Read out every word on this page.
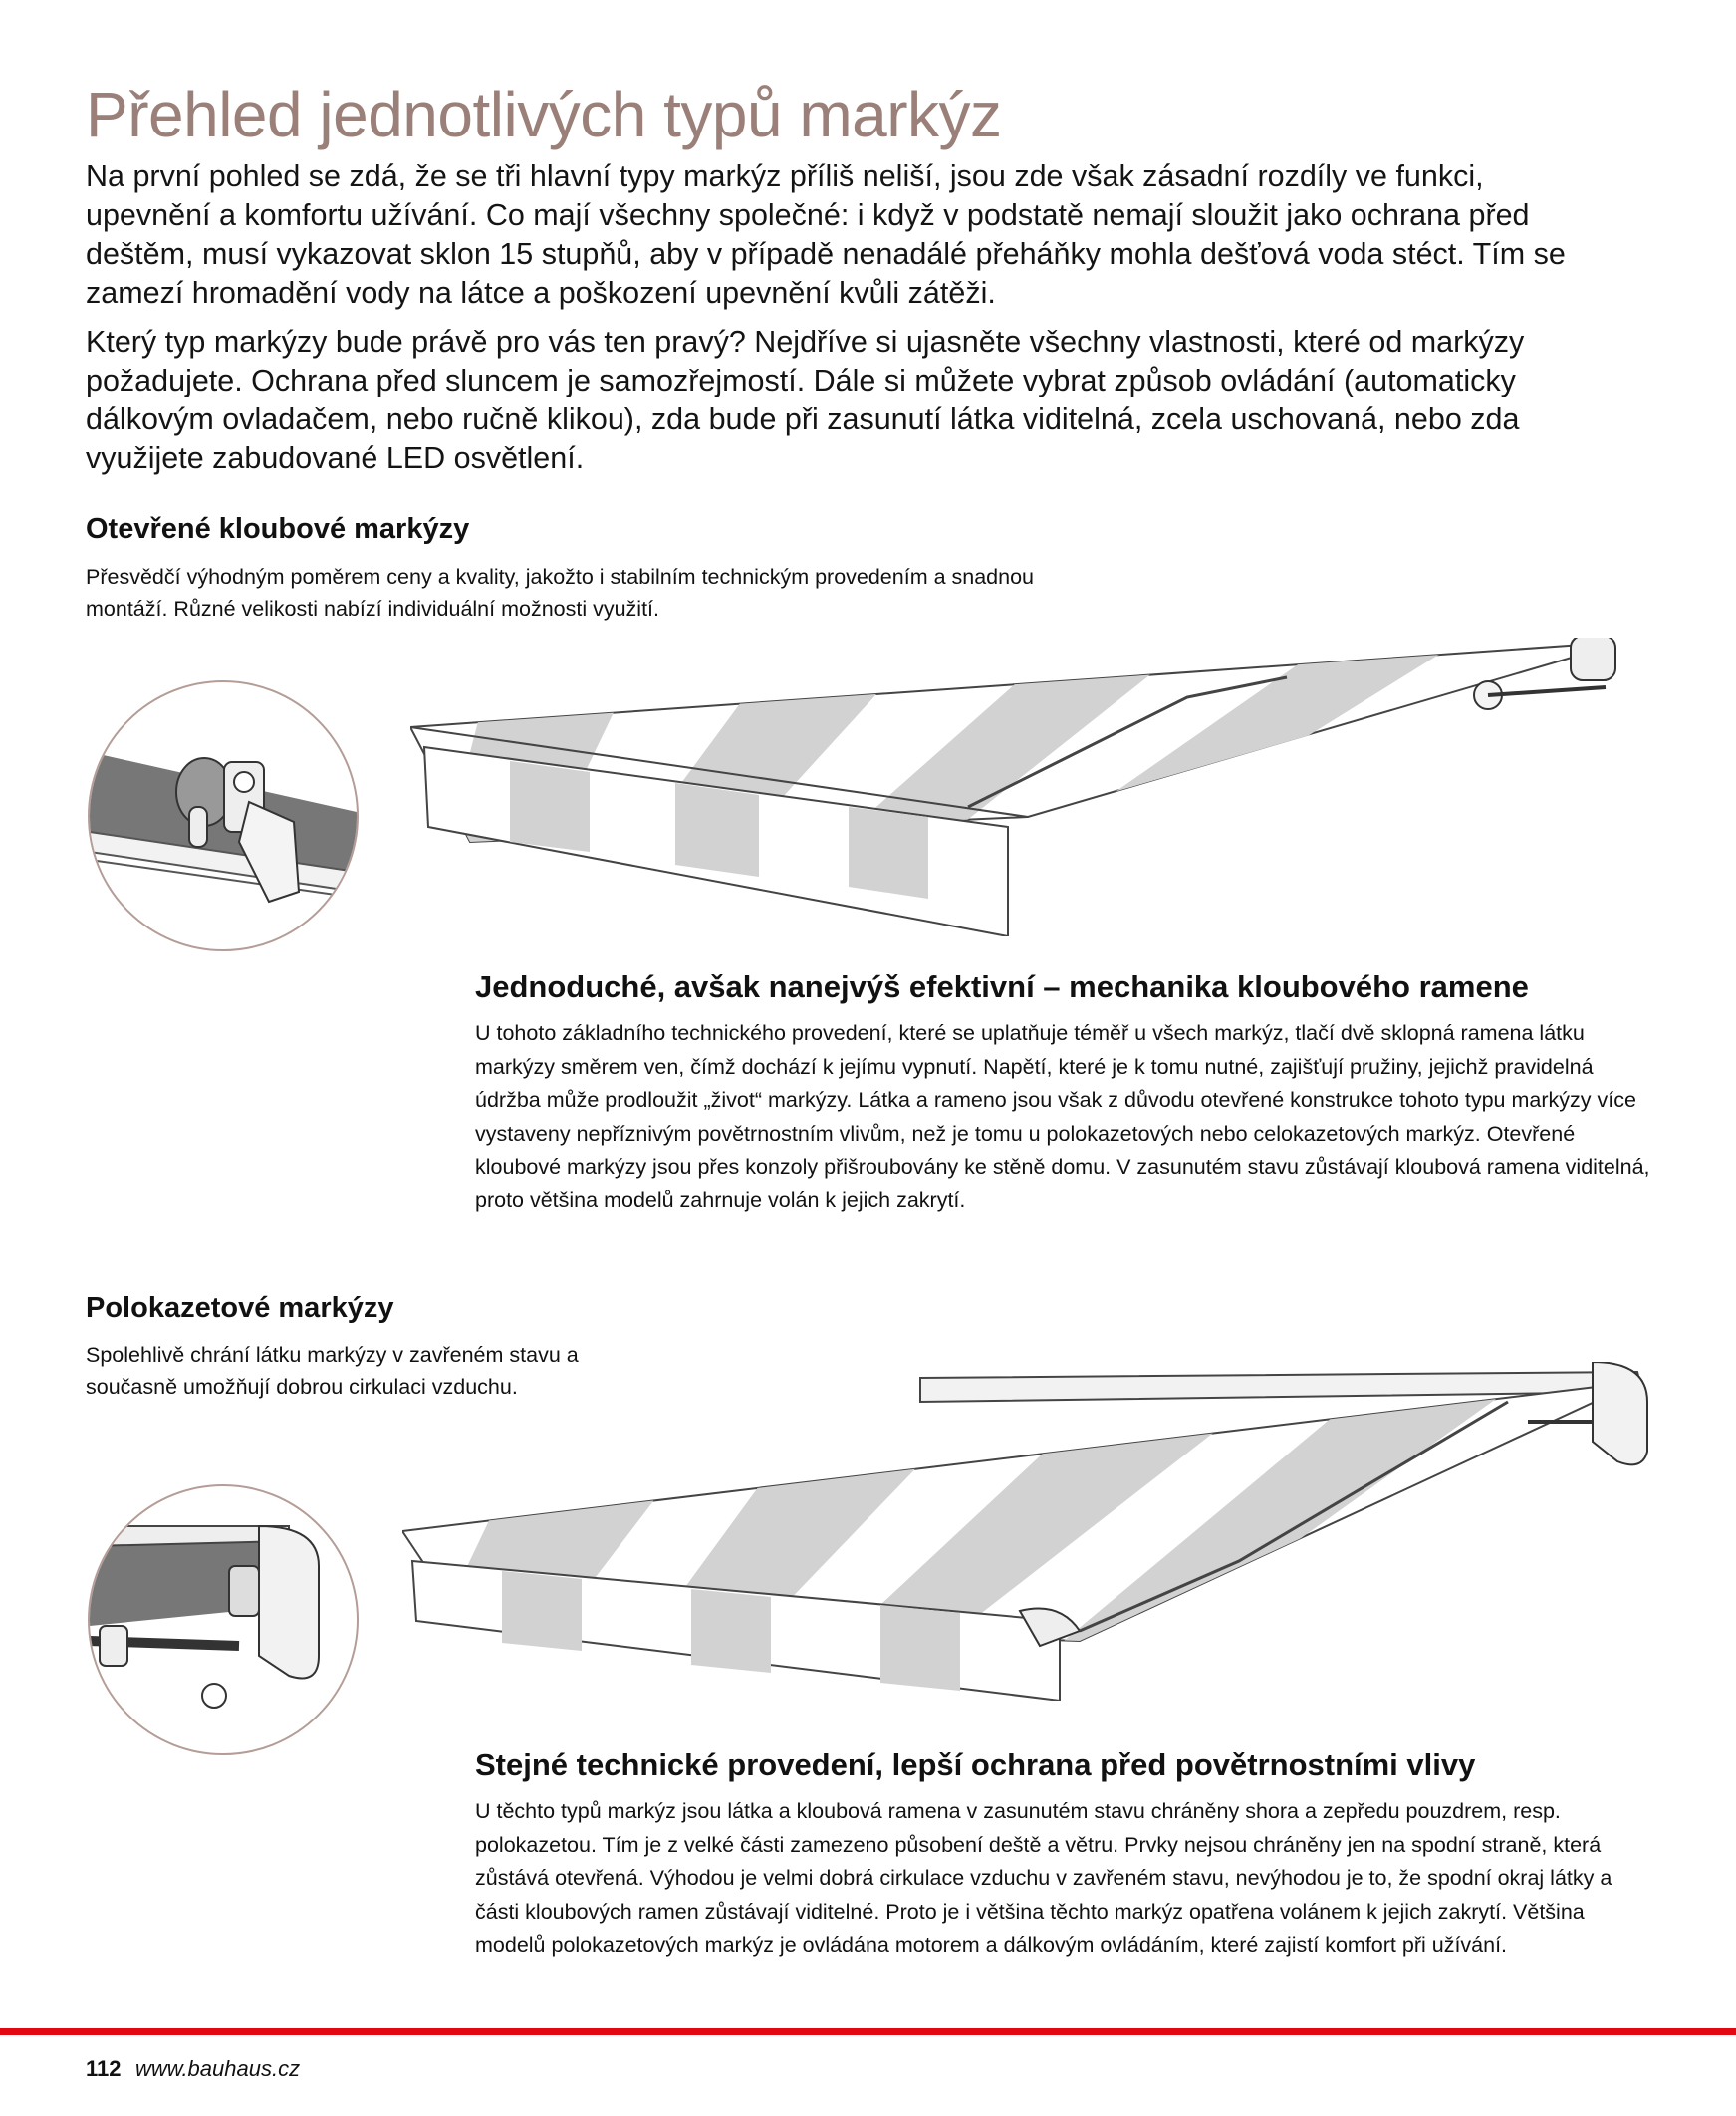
Přehled jednotlivých typů markýz

Na první pohled se zdá, že se tři hlavní typy markýz příliš neliší, jsou zde však zásadní rozdíly ve funkci, upevnění a komfortu užívání. Co mají všechny společné: i když v podstatě nemají sloužit jako ochrana před deštěm, musí vykazovat sklon 15 stupňů, aby v případě nenadálé přeháňky mohla dešťová voda stéct. Tím se zamezí hromadění vody na látce a poškození upevnění kvůli zátěži.

Který typ markýzy bude právě pro vás ten pravý? Nejdříve si ujasněte všechny vlastnosti, které od markýzy požadujete. Ochrana před sluncem je samozřejmostí. Dále si můžete vybrat způsob ovládání (automaticky dálkovým ovladačem, nebo ručně klikou), zda bude při zasunutí látka viditelná, zcela uschovaná, nebo zda využijete zabudované LED osvětlení.

Otevřené kloubové markýzy

Přesvědčí výhodným poměrem ceny a kvality, jakožto i stabilním technickým provedením a snadnou montáží. Různé velikosti nabízí individuální možnosti využití.

Jednoduché, avšak nanejvýš efektivní – mechanika kloubového ramene

U tohoto základního technického provedení, které se uplatňuje téměř u všech markýz, tlačí dvě sklopná ramena látku markýzy směrem ven, čímž dochází k jejímu vypnutí. Napětí, které je k tomu nutné, zajišťují pružiny, jejichž pravidelná údržba může prodloužit „život“ markýzy. Látka a rameno jsou však z důvodu otevřené konstrukce tohoto typu markýzy více vystaveny nepříznivým povětrnostním vlivům, než je tomu u polokazetových nebo celokazetových markýz. Otevřené kloubové markýzy jsou přes konzoly přišroubovány ke stěně domu. V zasunutém stavu zůstávají kloubová ramena viditelná, proto většina modelů zahrnuje volán k jejich zakrytí.

Polokazetové markýzy

Spolehlivě chrání látku markýzy v zavřeném stavu a současně umožňují dobrou cirkulaci vzduchu.

Stejné technické provedení, lepší ochrana před povětrnostními vlivy

U těchto typů markýz jsou látka a kloubová ramena v zasunutém stavu chráněny shora a zepředu pouzdrem, resp. polokazetou. Tím je z velké části zamezeno působení deště a větru. Prvky nejsou chráněny jen na spodní straně, která zůstává otevřená. Výhodou je velmi dobrá cirkulace vzduchu v zavřeném stavu, nevýhodou je to, že spodní okraj látky a části kloubových ramen zůstávají viditelné. Proto je i většina těchto markýz opatřena volánem k jejich zakrytí. Většina modelů polokazetových markýz je ovládána motorem a dálkovým ovládáním, které zajistí komfort při užívání.

112 www.bauhaus.cz
